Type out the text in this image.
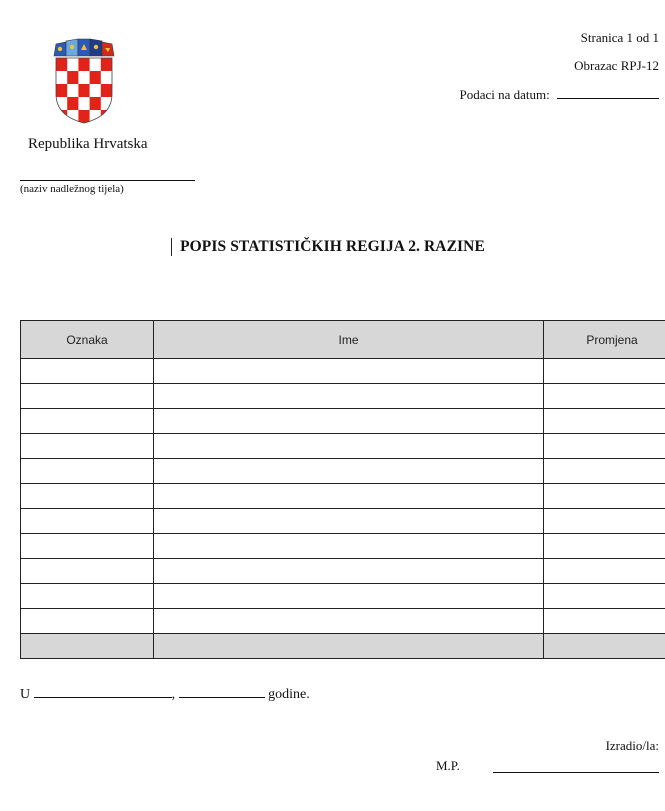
Stranica 1 od 1
Obrazac RPJ-12
Podaci na datum:
Republika Hrvatska
(naziv nadležnog tijela)
POPIS STATISTIČKIH REGIJA 2. RAZINE
Oznaka	Ime	Promjena

U	,	godine.
Izradio/la:
M.P.
